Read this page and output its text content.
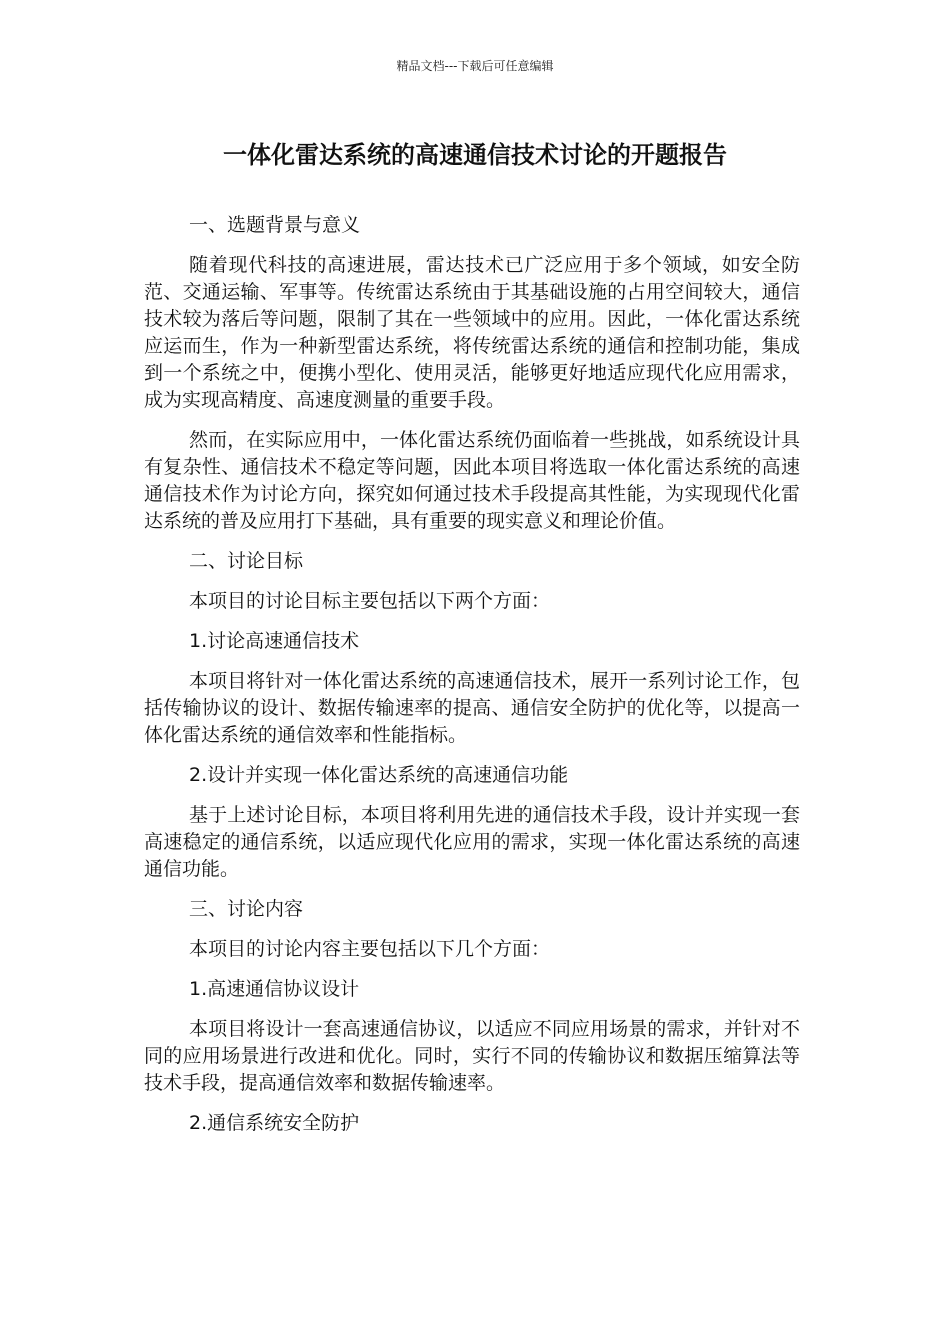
精品文档---下载后可任意编辑
一体化雷达系统的高速通信技术讨论的开题报告

一、选题背景与意义

随着现代科技的高速进展，雷达技术已广泛应用于多个领域，如安全防范、交通运输、军事等。传统雷达系统由于其基础设施的占用空间较大，通信技术较为落后等问题，限制了其在一些领域中的应用。因此，一体化雷达系统应运而生，作为一种新型雷达系统，将传统雷达系统的通信和控制功能，集成到一个系统之中，便携小型化、使用灵活，能够更好地适应现代化应用需求，成为实现高精度、高速度测量的重要手段。

然而，在实际应用中，一体化雷达系统仍面临着一些挑战，如系统设计具有复杂性、通信技术不稳定等问题，因此本项目将选取一体化雷达系统的高速通信技术作为讨论方向，探究如何通过技术手段提高其性能，为实现现代化雷达系统的普及应用打下基础，具有重要的现实意义和理论价值。

二、讨论目标

本项目的讨论目标主要包括以下两个方面：

1.讨论高速通信技术

本项目将针对一体化雷达系统的高速通信技术，展开一系列讨论工作，包括传输协议的设计、数据传输速率的提高、通信安全防护的优化等，以提高一体化雷达系统的通信效率和性能指标。

2.设计并实现一体化雷达系统的高速通信功能

基于上述讨论目标，本项目将利用先进的通信技术手段，设计并实现一套高速稳定的通信系统，以适应现代化应用的需求，实现一体化雷达系统的高速通信功能。

三、讨论内容

本项目的讨论内容主要包括以下几个方面：

1.高速通信协议设计

本项目将设计一套高速通信协议，以适应不同应用场景的需求，并针对不同的应用场景进行改进和优化。同时，实行不同的传输协议和数据压缩算法等技术手段，提高通信效率和数据传输速率。

2.通信系统安全防护
